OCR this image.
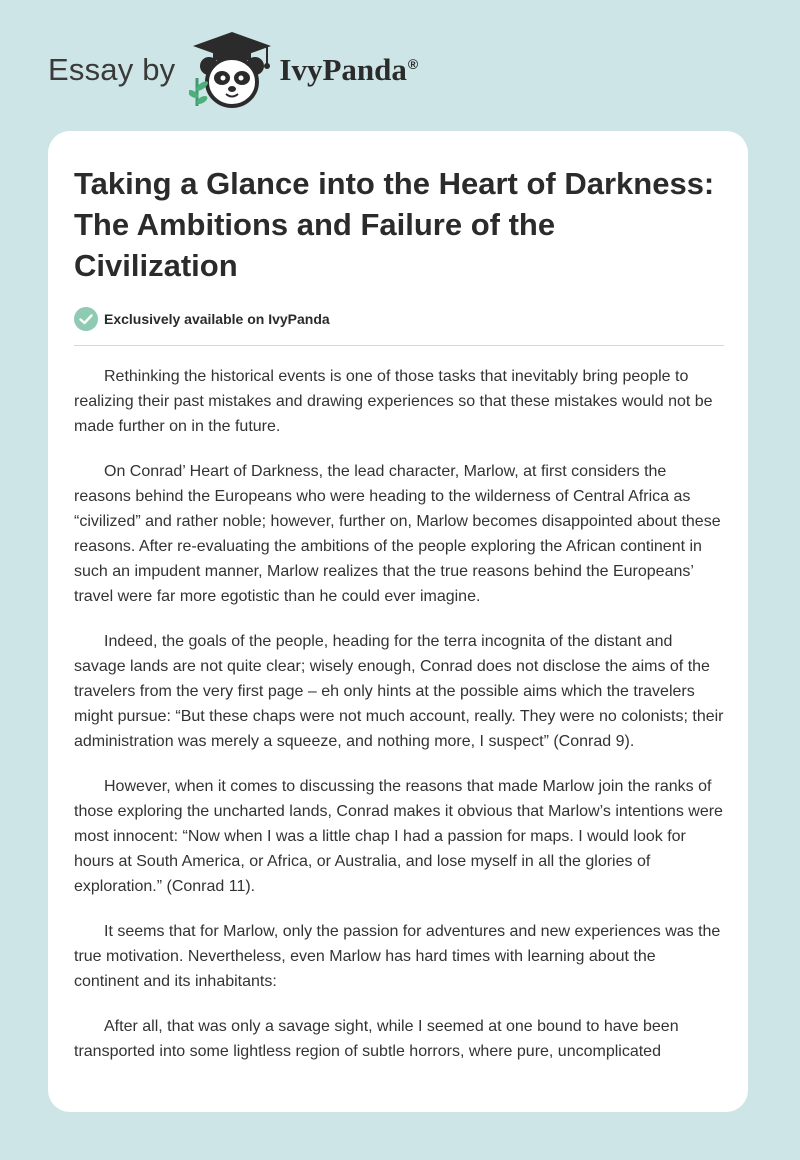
Essay by	IvyPanda®
Taking a Glance into the Heart of Darkness: The Ambitions and Failure of the Civilization
Exclusively available on IvyPanda

Rethinking the historical events is one of those tasks that inevitably bring people to realizing their past mistakes and drawing experiences so that these mistakes would not be made further on in the future.

On Conrad’ Heart of Darkness, the lead character, Marlow, at first considers the reasons behind the Europeans who were heading to the wilderness of Central Africa as “civilized” and rather noble; however, further on, Marlow becomes disappointed about these reasons. After re-evaluating the ambitions of the people exploring the African continent in such an impudent manner, Marlow realizes that the true reasons behind the Europeans’ travel were far more egotistic than he could ever imagine.

Indeed, the goals of the people, heading for the terra incognita of the distant and savage lands are not quite clear; wisely enough, Conrad does not disclose the aims of the travelers from the very first page – eh only hints at the possible aims which the travelers might pursue: “But these chaps were not much account, really. They were no colonists; their administration was merely a squeeze, and nothing more, I suspect” (Conrad 9).

However, when it comes to discussing the reasons that made Marlow join the ranks of those exploring the uncharted lands, Conrad makes it obvious that Marlow’s intentions were most innocent: “Now when I was a little chap I had a passion for maps. I would look for hours at South America, or Africa, or Australia, and lose myself in all the glories of exploration.” (Conrad 11).

It seems that for Marlow, only the passion for adventures and new experiences was the true motivation. Nevertheless, even Marlow has hard times with learning about the continent and its inhabitants:

After all, that was only a savage sight, while I seemed at one bound to have been transported into some lightless region of subtle horrors, where pure, uncomplicated
